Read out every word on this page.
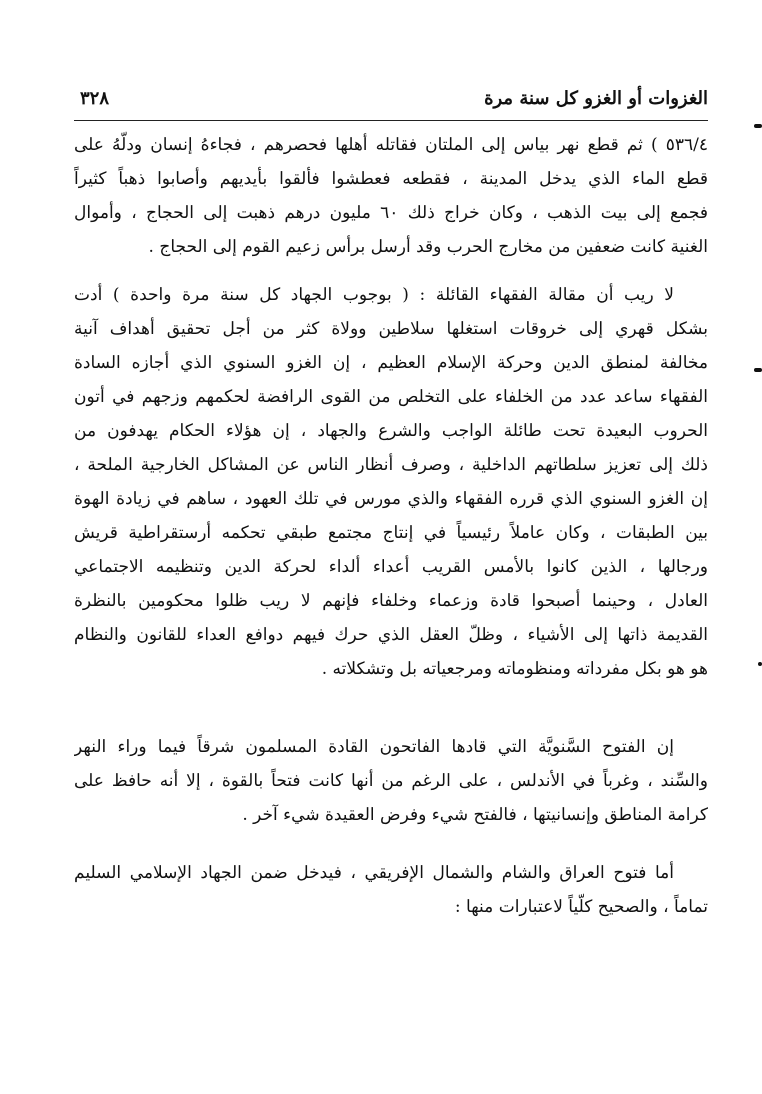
الغزوات أو الغزو كل سنة مرة
٣٢٨
٥٣٦/٤ ) ثم قطع نهر بياس إلى الملتان فقاتله أهلها فحصرهم ، فجاءهُ إنسان ودلّهُ على
قطع الماء الذي يدخل المدينة ، فقطعه فعطشوا فألقوا بأيديهم وأصابوا ذهباً كثيراً
فجمع إلى بيت الذهب ، وكان خراج ذلك ٦٠ مليون درهم ذهبت إلى الحجاج ، وأموال
الغنية كانت ضعفين من مخارج الحرب وقد أرسل برأس زعيم القوم إلى الحجاج .
لا ريب أن مقالة الفقهاء القائلة : ( بوجوب الجهاد كل سنة مرة واحدة ) أدت
بشكل قهري إلى خروقات استغلها سلاطين وولاة كثر من أجل تحقيق أهداف آنية
مخالفة لمنطق الدين وحركة الإسلام العظيم ، إن الغزو السنوي الذي أجازه السادة
الفقهاء ساعد عدد من الخلفاء على التخلص من القوى الرافضة لحكمهم وزجهم في أتون
الحروب البعيدة تحت طائلة الواجب والشرع والجهاد ، إن هؤلاء الحكام يهدفون من
ذلك إلى تعزيز سلطاتهم الداخلية ، وصرف أنظار الناس عن المشاكل الخارجية الملحة ،
إن الغزو السنوي الذي قرره الفقهاء والذي مورس في تلك العهود ، ساهم في زيادة الهوة
بين الطبقات ، وكان عاملاً رئيسياً في إنتاج مجتمع طبقي تحكمه أرستقراطية قريش
ورجالها ، الذين كانوا بالأمس القريب أعداء ألداء لحركة الدين وتنظيمه الاجتماعي
العادل ، وحينما أصبحوا قادة وزعماء وخلفاء فإنهم لا ريب ظلوا محكومين بالنظرة
القديمة ذاتها إلى الأشياء ، وظلّ العقل الذي حرك فيهم دوافع العداء للقانون والنظام
هو هو بكل مفرداته ومنظوماته ومرجعياته بل وتشكلاته .
إن الفتوح السَّنويَّة التي قادها الفاتحون القادة المسلمون شرقاً فيما وراء النهر
والسِّند ، وغرباً في الأندلس ، على الرغم من أنها كانت فتحاً بالقوة ، إلا أنه حافظ على
كرامة المناطق وإنسانيتها ، فالفتح شيء وفرض العقيدة شيء آخر .
أما فتوح العراق والشام والشمال الإفريقي ، فيدخل ضمن الجهاد الإسلامي السليم
تماماً ، والصحيح كلّياً لاعتبارات منها :
